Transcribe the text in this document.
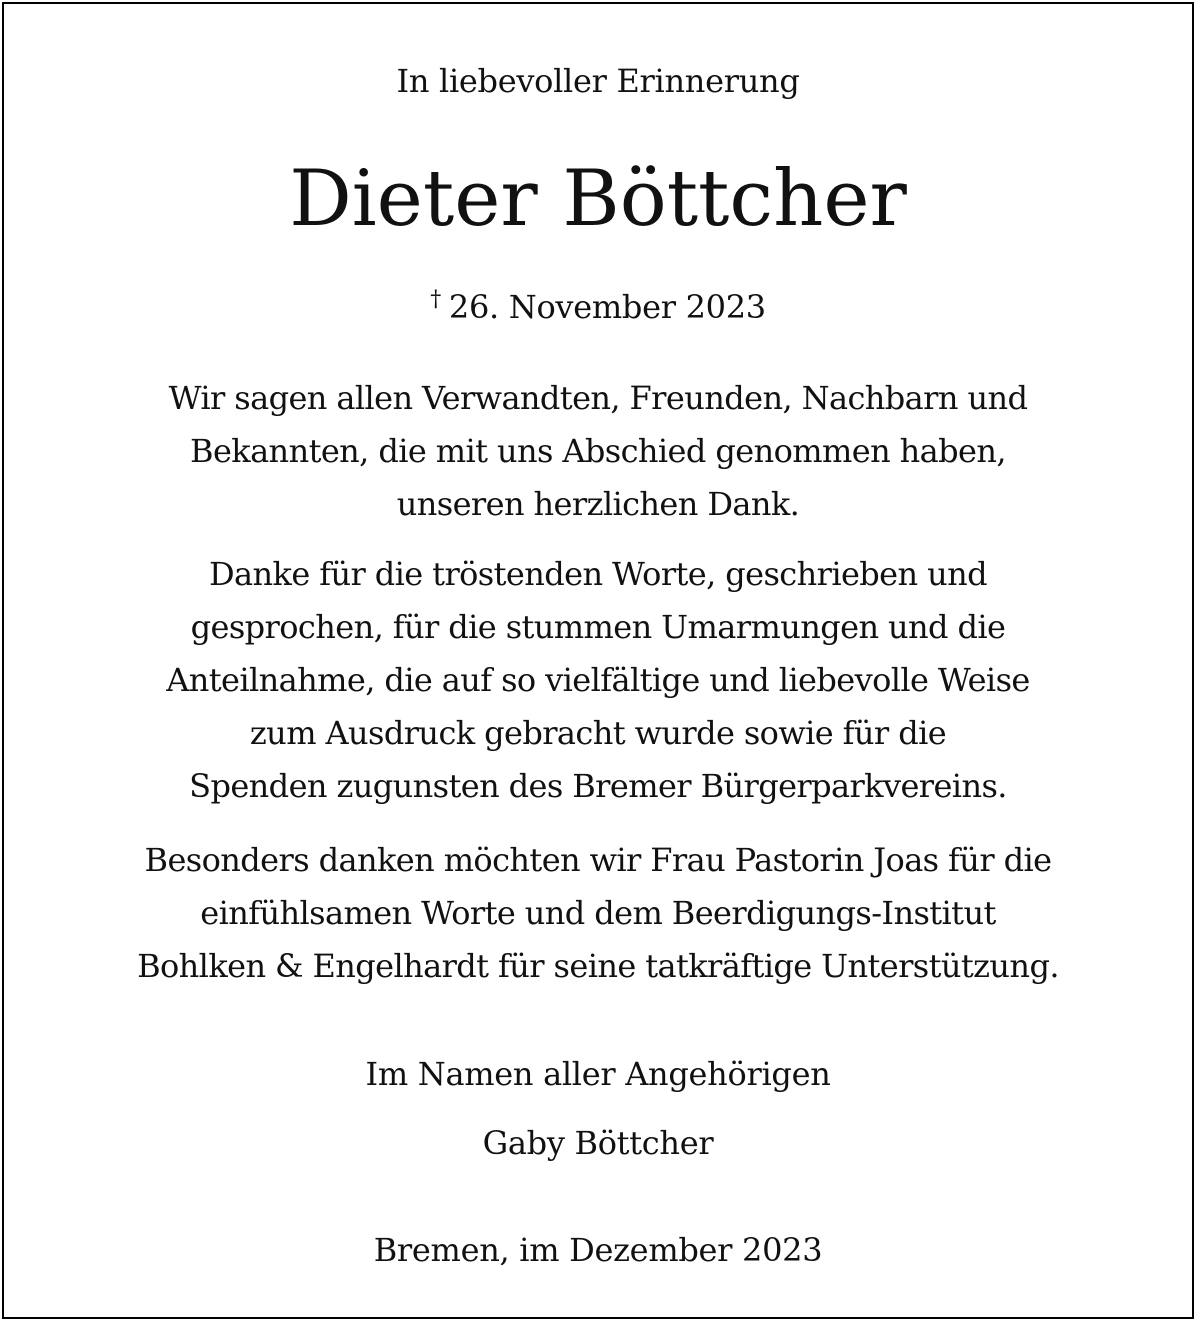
In liebevoller Erinnerung
Dieter Böttcher
† 26. November 2023
Wir sagen allen Verwandten, Freunden, Nachbarn und
Bekannten, die mit uns Abschied genommen haben,
unseren herzlichen Dank.
Danke für die tröstenden Worte, geschrieben und
gesprochen, für die stummen Umarmungen und die
Anteilnahme, die auf so vielfältige und liebevolle Weise
zum Ausdruck gebracht wurde sowie für die
Spenden zugunsten des Bremer Bürgerparkvereins.
Besonders danken möchten wir Frau Pastorin Joas für die
einfühlsamen Worte und dem Beerdigungs-Institut
Bohlken & Engelhardt für seine tatkräftige Unterstützung.
Im Namen aller Angehörigen
Gaby Böttcher
Bremen, im Dezember 2023
